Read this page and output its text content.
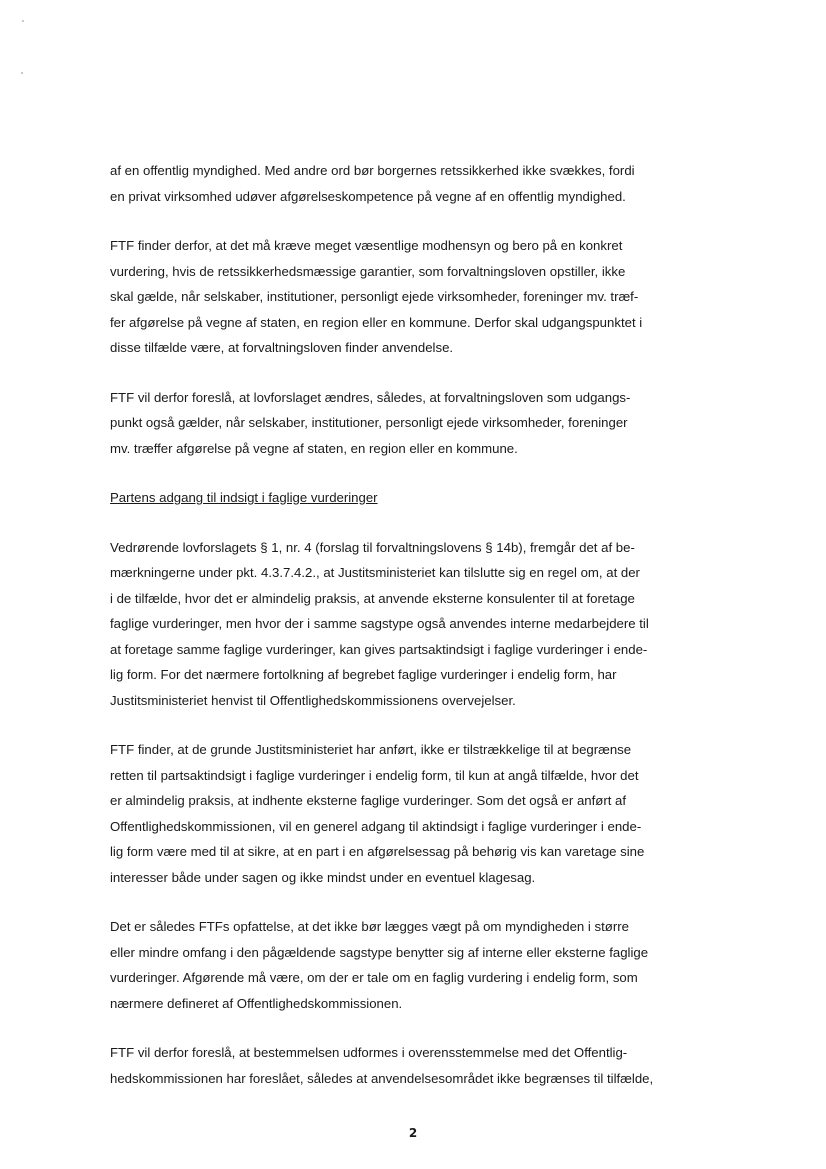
af en offentlig myndighed. Med andre ord bør borgernes retssikkerhed ikke svækkes, fordi
en privat virksomhed udøver afgørelseskompetence på vegne af en offentlig myndighed.
FTF finder derfor, at det må kræve meget væsentlige modhensyn og bero på en konkret
vurdering, hvis de retssikkerhedsmæssige garantier, som forvaltningsloven opstiller, ikke
skal gælde, når selskaber, institutioner, personligt ejede virksomheder, foreninger mv. træf-
fer afgørelse på vegne af staten, en region eller en kommune. Derfor skal udgangspunktet i
disse tilfælde være, at forvaltningsloven finder anvendelse.
FTF vil derfor foreslå, at lovforslaget ændres, således, at forvaltningsloven som udgangs-
punkt også gælder, når selskaber, institutioner, personligt ejede virksomheder, foreninger
mv. træffer afgørelse på vegne af staten, en region eller en kommune.
Partens adgang til indsigt i faglige vurderinger
Vedrørende lovforslagets § 1, nr. 4 (forslag til forvaltningslovens § 14b), fremgår det af be-
mærkningerne under pkt. 4.3.7.4.2., at Justitsministeriet kan tilslutte sig en regel om, at der
i de tilfælde, hvor det er almindelig praksis, at anvende eksterne konsulenter til at foretage
faglige vurderinger, men hvor der i samme sagstype også anvendes interne medarbejdere til
at foretage samme faglige vurderinger, kan gives partsaktindsigt i faglige vurderinger i ende-
lig form. For det nærmere fortolkning af begrebet faglige vurderinger i endelig form, har
Justitsministeriet henvist til Offentlighedskommissionens overvejelser.
FTF finder, at de grunde Justitsministeriet har anført, ikke er tilstrækkelige til at begrænse
retten til partsaktindsigt i faglige vurderinger i endelig form, til kun at angå tilfælde, hvor det
er almindelig praksis, at indhente eksterne faglige vurderinger. Som det også er anført af
Offentlighedskommissionen, vil en generel adgang til aktindsigt i faglige vurderinger i ende-
lig form være med til at sikre, at en part i en afgørelsessag på behørig vis kan varetage sine
interesser både under sagen og ikke mindst under en eventuel klagesag.
Det er således FTFs opfattelse, at det ikke bør lægges vægt på om myndigheden i større
eller mindre omfang i den pågældende sagstype benytter sig af interne eller eksterne faglige
vurderinger. Afgørende må være, om der er tale om en faglig vurdering i endelig form, som
nærmere defineret af Offentlighedskommissionen.
FTF vil derfor foreslå, at bestemmelsen udformes i overensstemmelse med det Offentlig-
hedskommissionen har foreslået, således at anvendelsesområdet ikke begrænses til tilfælde,
2
